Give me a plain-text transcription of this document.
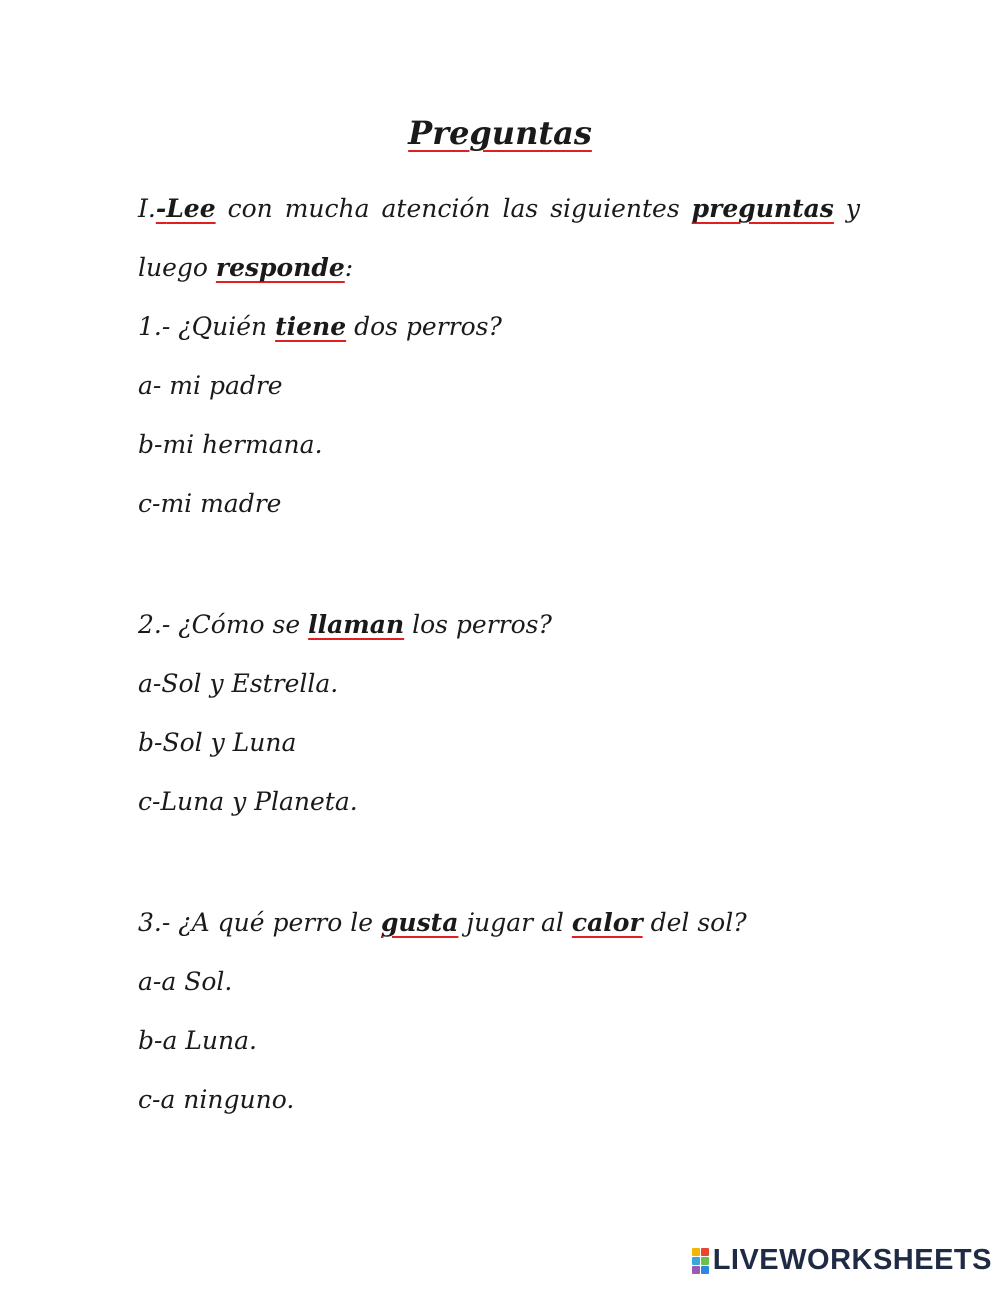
Preguntas
I.-Lee con mucha atención las siguientes preguntas y
luego responde:
1.- ¿Quién tiene dos perros?
a- mi padre
b-mi hermana.
c-mi madre
2.- ¿Cómo se llaman los perros?
a-Sol y Estrella.
b-Sol y Luna
c-Luna y Planeta.
3.- ¿A qué perro le gusta jugar al calor del sol?
a-a Sol.
b-a Luna.
c-a ninguno.
LIVEWORKSHEETS
